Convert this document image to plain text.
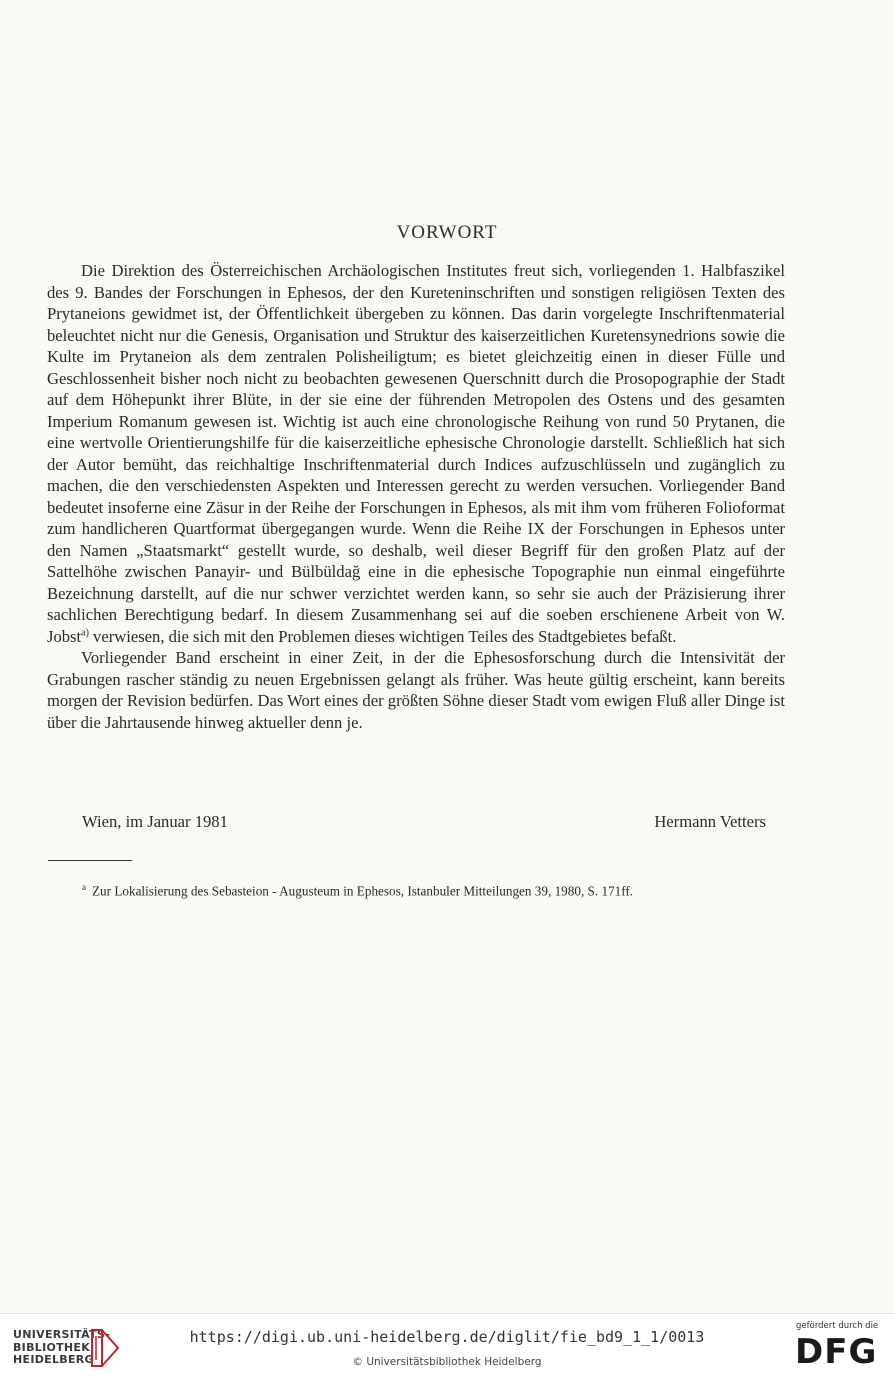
VORWORT

Die Direktion des Österreichischen Archäologischen Institutes freut sich, vorliegenden 1. Halbfaszikel des 9. Bandes der Forschungen in Ephesos, der den Kureteninschriften und sonstigen religiösen Texten des Prytaneions gewidmet ist, der Öffentlichkeit übergeben zu können. Das darin vorgelegte Inschriftenmaterial beleuchtet nicht nur die Genesis, Organisation und Struktur des kaiserzeitlichen Kuretensynedrions sowie die Kulte im Prytaneion als dem zentralen Polisheiligtum; es bietet gleichzeitig einen in dieser Fülle und Geschlossenheit bisher noch nicht zu beobachten gewesenen Querschnitt durch die Prosopographie der Stadt auf dem Höhepunkt ihrer Blüte, in der sie eine der führenden Metropolen des Ostens und des gesamten Imperium Romanum gewesen ist. Wichtig ist auch eine chronologische Reihung von rund 50 Prytanen, die eine wertvolle Orientierungshilfe für die kaiserzeitliche ephesische Chronologie darstellt. Schließlich hat sich der Autor bemüht, das reichhaltige Inschriftenmaterial durch Indices aufzuschlüsseln und zugänglich zu machen, die den verschiedensten Aspekten und Interessen gerecht zu werden versuchen. Vorliegender Band bedeutet insoferne eine Zäsur in der Reihe der Forschungen in Ephesos, als mit ihm vom früheren Folioformat zum handlicheren Quartformat übergegangen wurde. Wenn die Reihe IX der Forschungen in Ephesos unter den Namen „Staatsmarkt“ gestellt wurde, so deshalb, weil dieser Begriff für den großen Platz auf der Sattelhöhe zwischen Panayir- und Bülbüldağ eine in die ephesische Topographie nun einmal eingeführte Bezeichnung darstellt, auf die nur schwer verzichtet werden kann, so sehr sie auch der Präzisierung ihrer sachlichen Berechtigung bedarf. In diesem Zusammenhang sei auf die soeben erschienene Arbeit von W. Jobst$^{a)}$ verwiesen, die sich mit den Problemen dieses wichtigen Teiles des Stadtgebietes befaßt.

Vorliegender Band erscheint in einer Zeit, in der die Ephesosforschung durch die Intensivität der Grabungen rascher ständig zu neuen Ergebnissen gelangt als früher. Was heute gültig erscheint, kann bereits morgen der Revision bedürfen. Das Wort eines der größten Söhne dieser Stadt vom ewigen Fluß aller Dinge ist über die Jahrtausende hinweg aktueller denn je.

Wien, im Januar 1981	Hermann Vetters
$^a$ Zur Lokalisierung des Sebasteion - Augusteum in Ephesos, Istanbuler Mitteilungen 39, 1980, S. 171ff.
UNIVERSITÄTS-
BIBLIOTHEK
HEIDELBERG
https://digi.ub.uni-heidelberg.de/diglit/fie_bd9_1_1/0013
© Universitätsbibliothek Heidelberg
gefördert durch die
DFG
